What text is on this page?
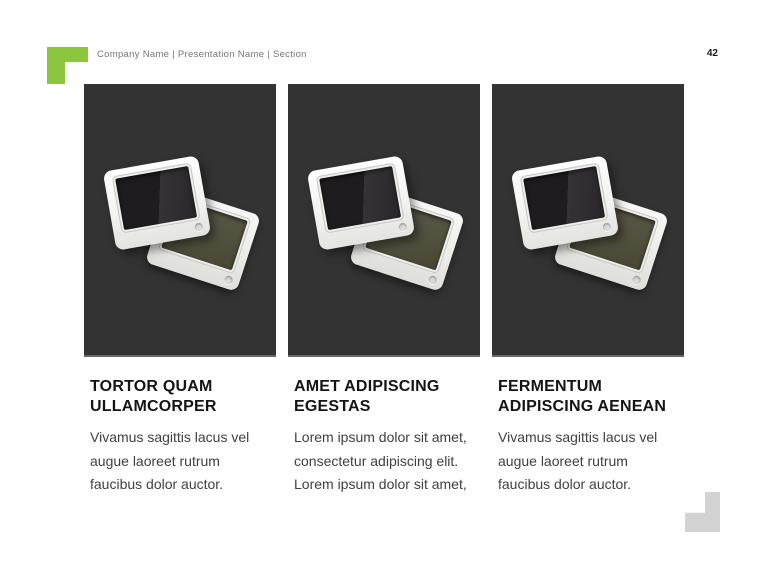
Company Name | Presentation Name | Section	42
TORTOR QUAM ULLAMCORPER

Vivamus sagittis lacus vel augue laoreet rutrum faucibus dolor auctor.

AMET ADIPISCING EGESTAS

Lorem ipsum dolor sit amet, consectetur adipiscing elit. Lorem ipsum dolor sit amet,

FERMENTUM ADIPISCING AENEAN

Vivamus sagittis lacus vel augue laoreet rutrum faucibus dolor auctor.
